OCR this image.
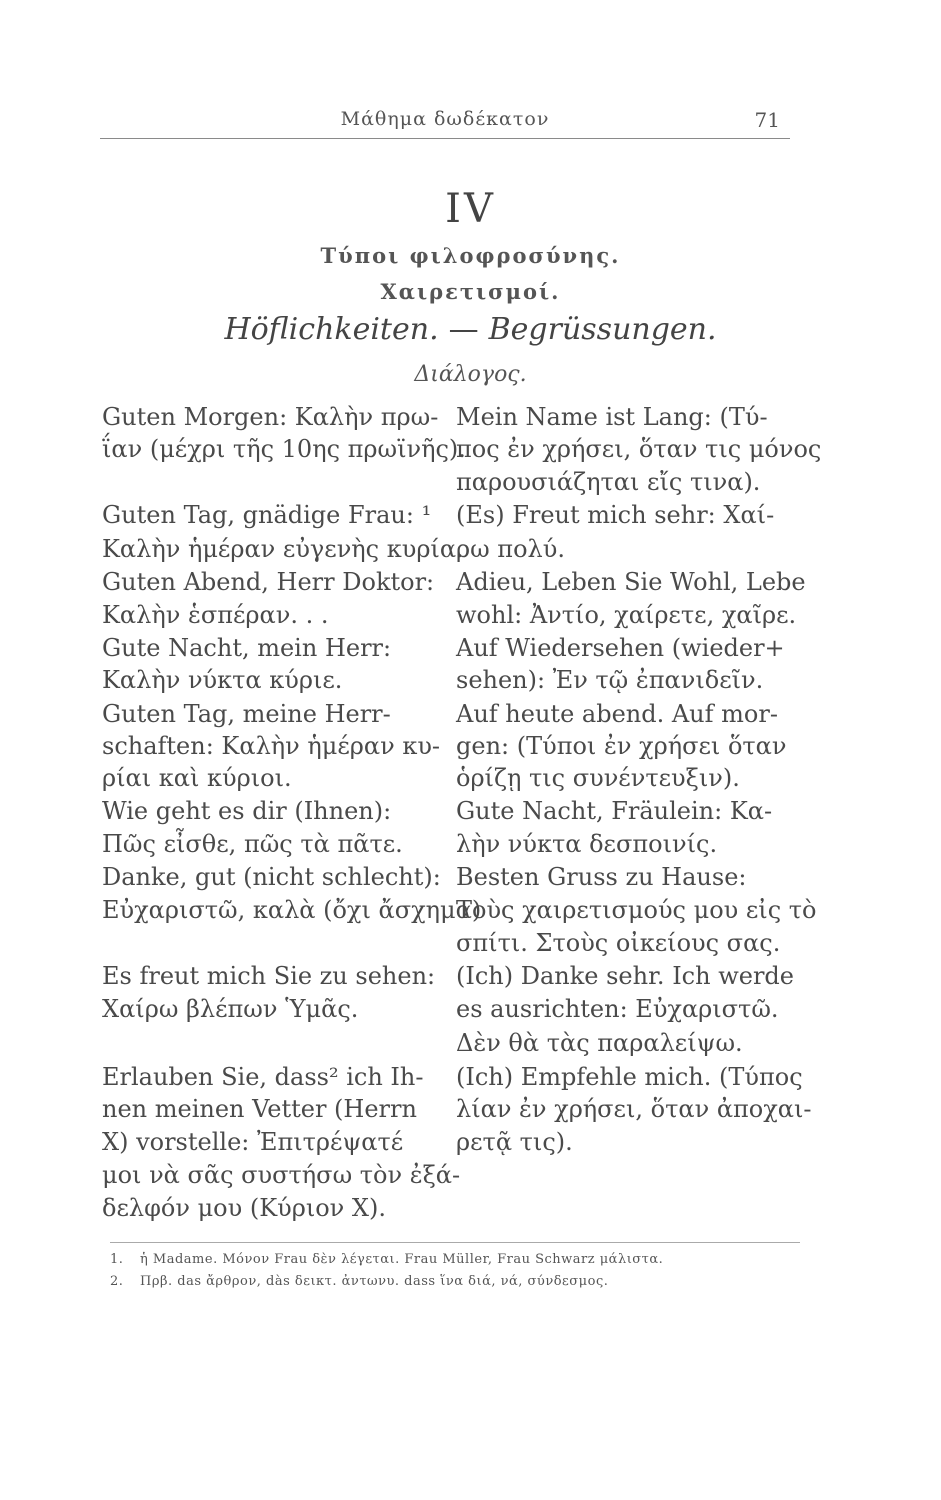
Μάθημα δωδέκατον	71
IV
Τύποι φιλοφροσύνης.
Χαιρετισμοί.
Höflichkeiten. — Begrüssungen.
Διάλογος.
Guten Morgen: Καλὴν πρω-
ΐαν (μέχρι τῆς 10ης πρωϊνῆς).
Guten Tag, gnädige Frau: ¹
Καλὴν ἡμέραν εὐγενὴς κυρία.
Guten Abend, Herr Doktor:
Καλὴν ἑσπέραν. . .
Gute Nacht, mein Herr:
Καλὴν νύκτα κύριε.
Guten Tag, meine Herr-
schaften: Καλὴν ἡμέραν κυ-
ρίαι καὶ κύριοι.
Wie geht es dir (Ihnen):
Πῶς εἶσθε, πῶς τὰ πᾶτε.
Danke, gut (nicht schlecht):
Εὐχαριστῶ, καλὰ (ὄχι ἄσχημα)
Es freut mich Sie zu sehen:
Χαίρω βλέπων Ὑμᾶς.
Erlauben Sie, dass² ich Ih-
nen meinen Vetter (Herrn
X) vorstelle: Ἐπιτρέψατέ
μοι νὰ σᾶς συστήσω τὸν ἐξά-
δελφόν μου (Κύριον Χ).
Mein Name ist Lang: (Τύ-
πος ἐν χρήσει, ὅταν τις μόνος
παρουσιάζηται εἴς τινα).
(Es) Freut mich sehr: Χαί-
ρω πολύ.
Adieu, Leben Sie Wohl, Lebe
wohl: Ἀντίο, χαίρετε, χαῖρε.
Auf Wiedersehen (wieder+
sehen): Ἐν τῷ ἐπανιδεῖν.
Auf heute abend. Auf mor-
gen: (Τύποι ἐν χρήσει ὅταν
ὁρίζῃ τις συνέντευξιν).
Gute Nacht, Fräulein: Κα-
λὴν νύκτα δεσποινίς.
Besten Gruss zu Hause:
Τοὺς χαιρετισμούς μου εἰς τὸ
σπίτι. Στοὺς οἰκείους σας.
(Ich) Danke sehr. Ich werde
es ausrichten: Εὐχαριστῶ.
Δὲν θὰ τὰς παραλείψω.
(Ich) Empfehle mich. (Τύπος
λίαν ἐν χρήσει, ὅταν ἀποχαι-
ρετᾷ τις).
1. ἡ Madame. Μόνον Frau δὲν λέγεται. Frau Müller, Frau Schwarz μάλιστα.
2. Πρβ. das ἄρθρον, dàs δεικτ. ἀντωνυ. dass ἵνα διά, νά, σύνδεσμος.
